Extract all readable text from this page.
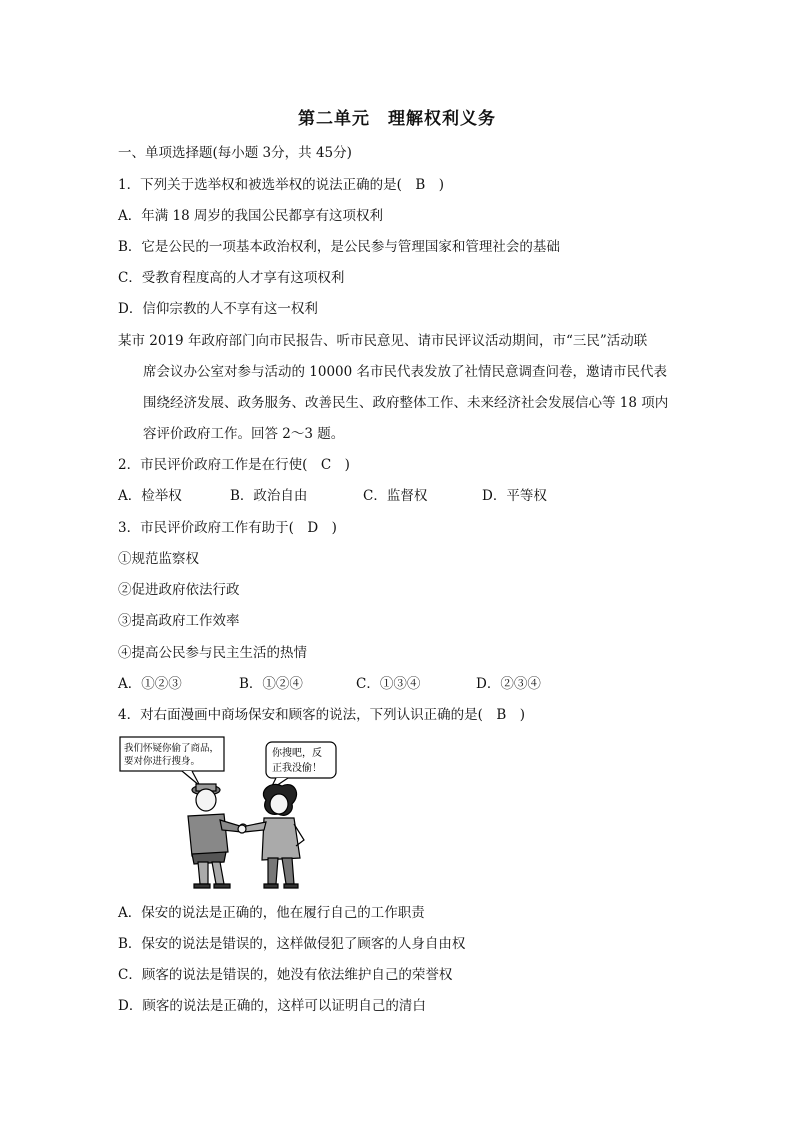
第二单元　理解权利义务
一、单项选择题(每小题 3分，共 45分)
1．下列关于选举权和被选举权的说法正确的是(　B　)
A．年满 18 周岁的我国公民都享有这项权利
B．它是公民的一项基本政治权利，是公民参与管理国家和管理社会的基础
C．受教育程度高的人才享有这项权利
D．信仰宗教的人不享有这一权利
某市 2019 年政府部门向市民报告、听市民意见、请市民评议活动期间，市“三民”活动联
席会议办公室对参与活动的 10000 名市民代表发放了社情民意调查问卷，邀请市民代表
围绕经济发展、政务服务、改善民生、政府整体工作、未来经济社会发展信心等 18 项内
容评价政府工作。回答 2～3 题。
2．市民评价政府工作是在行使(　C　)
A．检举权	B．政治自由	C．监督权	D．平等权
3．市民评价政府工作有助于(　D　)
①规范监察权
②促进政府依法行政
③提高政府工作效率
④提高公民参与民主生活的热情
A．①②③	B．①②④	C．①③④	D．②③④
4．对右面漫画中商场保安和顾客的说法，下列认识正确的是(　B　)
我们怀疑你偷了商品，
要对你进行搜身。
你搜吧，反
正我没偷！
A．保安的说法是正确的，他在履行自己的工作职责
B．保安的说法是错误的，这样做侵犯了顾客的人身自由权
C．顾客的说法是错误的，她没有依法维护自己的荣誉权
D．顾客的说法是正确的，这样可以证明自己的清白
